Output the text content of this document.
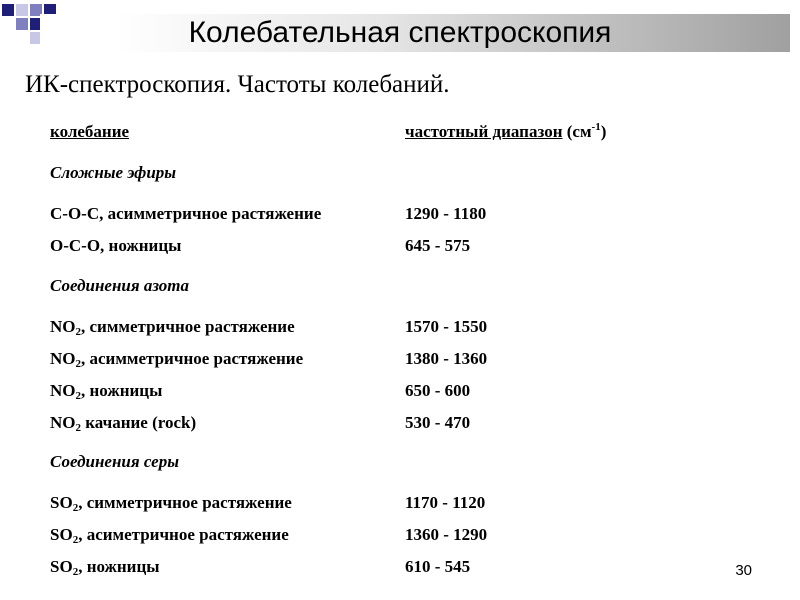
Колебательная спектроскопия
ИК-спектроскопия. Частоты колебаний.
колебание	частотный диапазон $(см^{-1})$
Сложные эфиры
C-O-C, асимметричное растяжение	1290 - 1180
O-C-O, ножницы	645 - 575
Соединения азота
$NO_2$, симметричное растяжение	1570 - 1550
$NO_2$, асимметричное растяжение	1380 - 1360
$NO_2$, ножницы	650 - 600
$NO_2$ качание (rock)	530 - 470
Соединения серы
$SO_2$, симметричное растяжение	1170 - 1120
$SO_2$, асиметричное растяжение	1360 - 1290
$SO_2$, ножницы	610 - 545	30
